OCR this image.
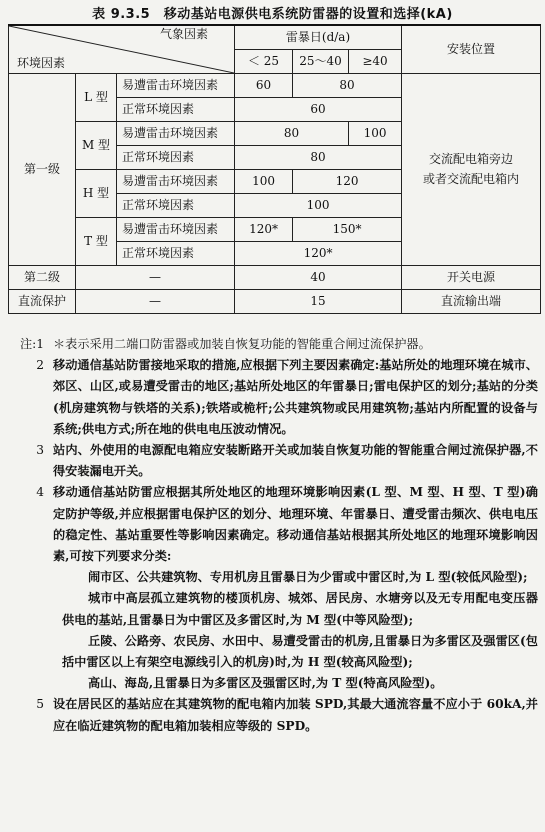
表 9.3.5　移动基站电源供电系统防雷器的设置和选择(kA)
气象因素
环境因素			雷暴日(d/a)			安装位置
			＜ 25	25～40	≥40	
第一级	L 型	易遭雷击环境因素	60	80		交流配电箱旁边
或者交流配电箱内

		正常环境因素	60			
	M 型	易遭雷击环境因素	80		100	
		正常环境因素	80			
	H 型	易遭雷击环境因素	100	120		
		正常环境因素	100			
	T 型	易遭雷击环境因素	120*	150*		
		正常环境因素	120*			
第二级	—		40			开关电源
直流保护	—		15			直流输出端
注:1 ＊表示采用二端口防雷器或加装自恢复功能的智能重合闸过流保护器。
2 移动通信基站防雷接地采取的措施,应根据下列主要因素确定:基站所处的地理环境在城市、郊区、山区,或易遭受雷击的地区;基站所处地区的年雷暴日;雷电保护区的划分;基站的分类(机房建筑物与铁塔的关系);铁塔或桅杆;公共建筑物或民用建筑物;基站内所配置的设备与系统;供电方式;所在地的供电电压波动情况。
3 站内、外使用的电源配电箱应安装断路开关或加装自恢复功能的智能重合闸过流保护器,不得安装漏电开关。
4 移动通信基站防雷应根据其所处地区的地理环境影响因素(L 型、M 型、H 型、T 型)确定防护等级,并应根据雷电保护区的划分、地理环境、年雷暴日、遭受雷击频次、供电电压的稳定性、基站重要性等影响因素确定。移动通信基站根据其所处地区的地理环境影响因素,可按下列要求分类:
闹市区、公共建筑物、专用机房且雷暴日为少雷或中雷区时,为 L 型(较低风险型);
城市中高层孤立建筑物的楼顶机房、城郊、居民房、水塘旁以及无专用配电变压器供电的基站,且雷暴日为中雷区及多雷区时,为 M 型(中等风险型);
丘陵、公路旁、农民房、水田中、易遭受雷击的机房,且雷暴日为多雷区及强雷区(包括中雷区以上有架空电源线引入的机房)时,为 H 型(较高风险型);
高山、海岛,且雷暴日为多雷区及强雷区时,为 T 型(特高风险型)。
5 设在居民区的基站应在其建筑物的配电箱内加装 SPD,其最大通流容量不应小于 60kA,并应在临近建筑物的配电箱加装相应等级的 SPD。
